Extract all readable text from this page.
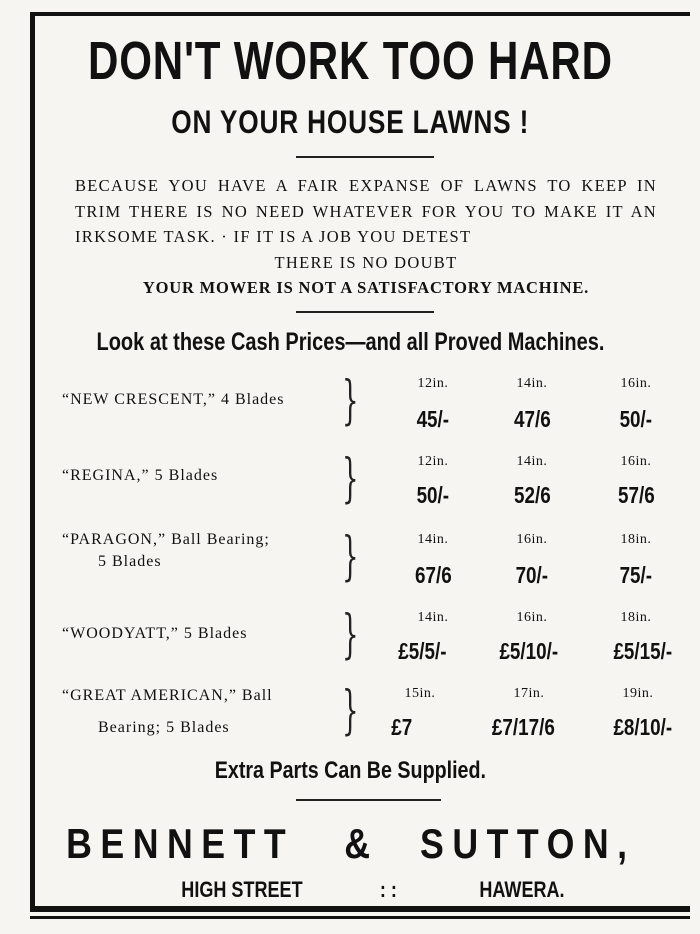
DON'T WORK TOO HARD
ON YOUR HOUSE LAWNS !
BECAUSE YOU HAVE A FAIR EXPANSE OF LAWNS TO KEEP IN TRIM THERE IS NO NEED WHATEVER FOR YOU TO MAKE IT AN IRKSOME TASK. · IF IT IS A JOB YOU DETEST
THERE IS NO DOUBT
YOUR MOWER IS NOT A SATISFACTORY MACHINE.
Look at these Cash Prices—and all Proved Machines.
“NEW CRESCENT,” 4 Blades }	12in.	14in.	16in.
45/-	47/6	50/-
“REGINA,” 5 Blades }	12in.	14in.	16in.
50/-	52/6	57/6
“PARAGON,” Ball Bearing;
5 Blades	}	14in.	16in.	18in.
67/6	70/-	75/-
“WOODYATT,” 5 Blades }	14in.	16in.	18in.
£5/5/-	£5/10/-	£5/15/-
“GREAT AMERICAN,” Ball
Bearing; 5 Blades }	15in.	17in.	19in.
£7	£7/17/6	£8/10/-
Extra Parts Can Be Supplied.
BENNETT & SUTTON,
HIGH STREET	: :	HAWERA.
